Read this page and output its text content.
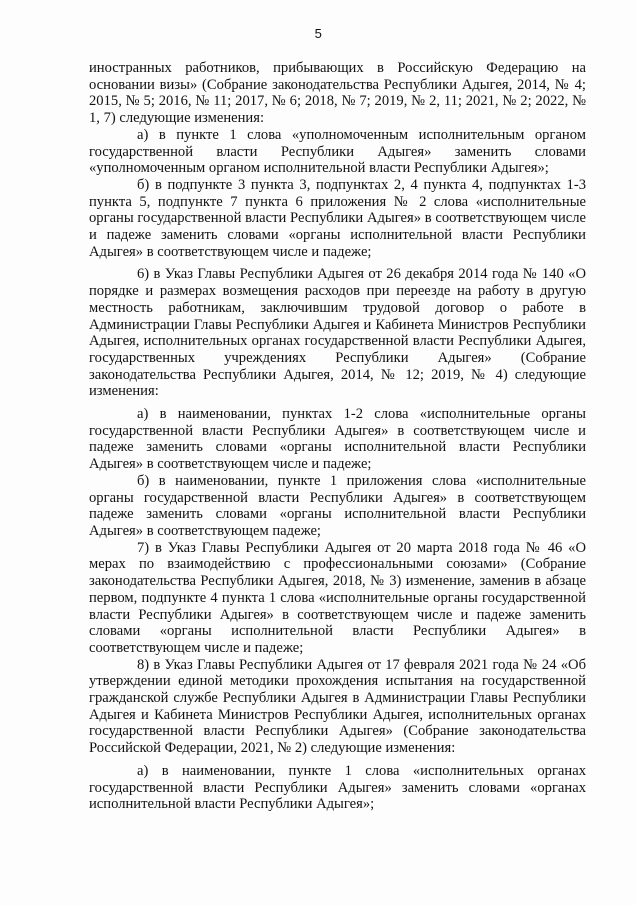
5

иностранных работников, прибывающих в Российскую Федерацию на основании визы» (Собрание законодательства Республики Адыгея, 2014, № 4; 2015, № 5; 2016, № 11; 2017, № 6; 2018, № 7; 2019, № 2, 11; 2021, № 2; 2022, № 1, 7) следующие изменения:

а) в пункте 1 слова «уполномоченным исполнительным органом государственной власти Республики Адыгея» заменить словами «уполномоченным органом исполнительной власти Республики Адыгея»;

б) в подпункте 3 пункта 3, подпунктах 2, 4 пункта 4, подпунктах 1-3 пункта 5, подпункте 7 пункта 6 приложения № 2 слова «исполнительные органы государственной власти Республики Адыгея» в соответствующем числе и падеже заменить словами «органы исполнительной власти Республики Адыгея» в соответствующем числе и падеже;

6) в Указ Главы Республики Адыгея от 26 декабря 2014 года № 140 «О порядке и размерах возмещения расходов при переезде на работу в другую местность работникам, заключившим трудовой договор о работе в Администрации Главы Республики Адыгея и Кабинета Министров Республики Адыгея, исполнительных органах государственной власти Республики Адыгея, государственных учреждениях Республики Адыгея» (Собрание законодательства Республики Адыгея, 2014, № 12; 2019, № 4) следующие изменения:

а) в наименовании, пунктах 1-2 слова «исполнительные органы государственной власти Республики Адыгея» в соответствующем числе и падеже заменить словами «органы исполнительной власти Республики Адыгея» в соответствующем числе и падеже;

б) в наименовании, пункте 1 приложения слова «исполнительные органы государственной власти Республики Адыгея» в соответствующем падеже заменить словами «органы исполнительной власти Республики Адыгея» в соответствующем падеже;

7) в Указ Главы Республики Адыгея от 20 марта 2018 года № 46 «О мерах по взаимодействию с профессиональными союзами» (Собрание законодательства Республики Адыгея, 2018, № 3) изменение, заменив в абзаце первом, подпункте 4 пункта 1 слова «исполнительные органы государственной власти Республики Адыгея» в соответствующем числе и падеже заменить словами «органы исполнительной власти Республики Адыгея» в соответствующем числе и падеже;

8) в Указ Главы Республики Адыгея от 17 февраля 2021 года № 24 «Об утверждении единой методики прохождения испытания на государственной гражданской службе Республики Адыгея в Администрации Главы Республики Адыгея и Кабинета Министров Республики Адыгея, исполнительных органах государственной власти Республики Адыгея» (Собрание законодательства Российской Федерации, 2021, № 2) следующие изменения:

а) в наименовании, пункте 1 слова «исполнительных органах государственной власти Республики Адыгея» заменить словами «органах исполнительной власти Республики Адыгея»;
